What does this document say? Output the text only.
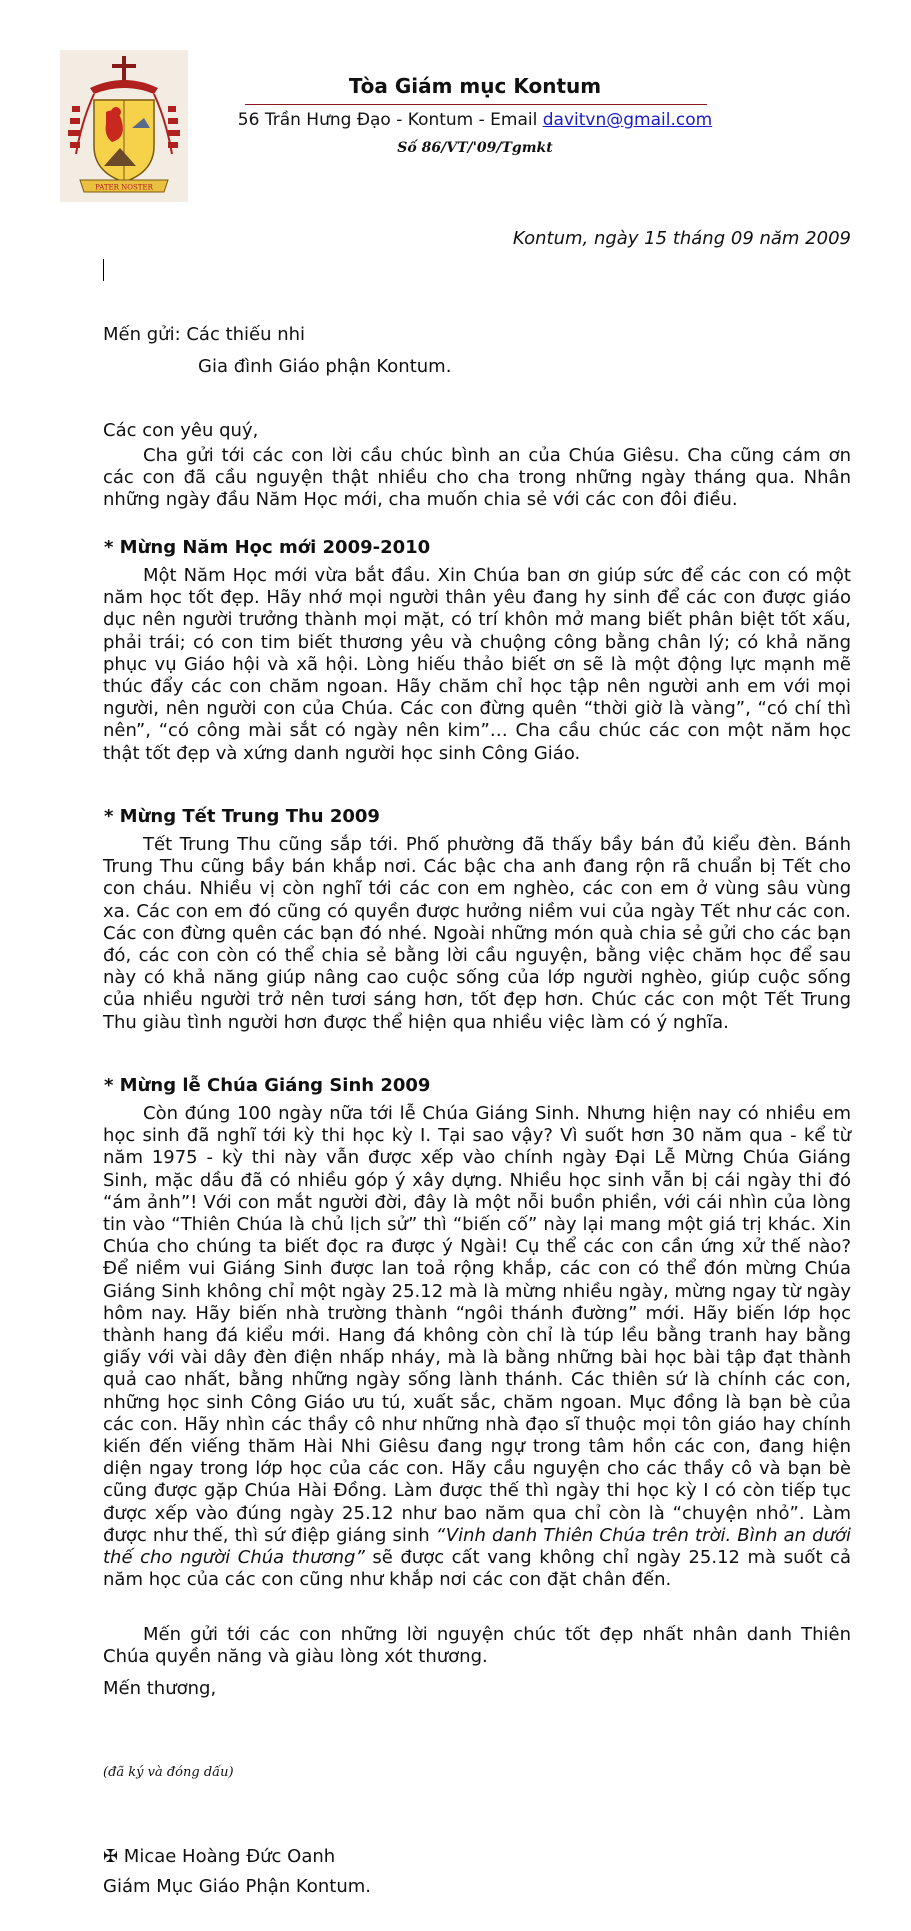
PATER NOSTER
Tòa Giám mục Kontum
56 Trần Hưng Đạo - Kontum - Email davitvn@gmail.com
Số 86/VT/'09/Tgmkt
Kontum, ngày 15 tháng 09 năm 2009
Mến gửi: Các thiếu nhi
Gia đình Giáo phận Kontum.
Các con yêu quý,
Cha gửi tới các con lời cầu chúc bình an của Chúa Giêsu. Cha cũng cám ơn các con đã cầu nguyện thật nhiều cho cha trong những ngày tháng qua. Nhân những ngày đầu Năm Học mới, cha muốn chia sẻ với các con đôi điều.
* Mừng Năm Học mới 2009-2010
Một Năm Học mới vừa bắt đầu. Xin Chúa ban ơn giúp sức để các con có một năm học tốt đẹp. Hãy nhớ mọi người thân yêu đang hy sinh để các con được giáo dục nên người trưởng thành mọi mặt, có trí khôn mở mang biết phân biệt tốt xấu, phải trái; có con tim biết thương yêu và chuộng công bằng chân lý; có khả năng phục vụ Giáo hội và xã hội. Lòng hiếu thảo biết ơn sẽ là một động lực mạnh mẽ thúc đẩy các con chăm ngoan. Hãy chăm chỉ học tập nên người anh em với mọi người, nên người con của Chúa. Các con đừng quên “thời giờ là vàng”, “có chí thì nên”, “có công mài sắt có ngày nên kim”… Cha cầu chúc các con một năm học thật tốt đẹp và xứng danh người học sinh Công Giáo.
* Mừng Tết Trung Thu 2009
Tết Trung Thu cũng sắp tới. Phố phường đã thấy bầy bán đủ kiểu đèn. Bánh Trung Thu cũng bầy bán khắp nơi. Các bậc cha anh đang rộn rã chuẩn bị Tết cho con cháu. Nhiều vị còn nghĩ tới các con em nghèo, các con em ở vùng sâu vùng xa. Các con em đó cũng có quyền được hưởng niềm vui của ngày Tết như các con. Các con đừng quên các bạn đó nhé. Ngoài những món quà chia sẻ gửi cho các bạn đó, các con còn có thể chia sẻ bằng lời cầu nguyện, bằng việc chăm học để sau này có khả năng giúp nâng cao cuộc sống của lớp người nghèo, giúp cuộc sống của nhiều người trở nên tươi sáng hơn, tốt đẹp hơn. Chúc các con một Tết Trung Thu giàu tình người hơn được thể hiện qua nhiều việc làm có ý nghĩa.
* Mừng lễ Chúa Giáng Sinh 2009
Còn đúng 100 ngày nữa tới lễ Chúa Giáng Sinh. Nhưng hiện nay có nhiều em học sinh đã nghĩ tới kỳ thi học kỳ I. Tại sao vậy? Vì suốt hơn 30 năm qua - kể từ năm 1975 - kỳ thi này vẫn được xếp vào chính ngày Đại Lễ Mừng Chúa Giáng Sinh, mặc dầu đã có nhiều góp ý xây dựng. Nhiều học sinh vẫn bị cái ngày thi đó “ám ảnh”! Với con mắt người đời, đây là một nỗi buồn phiền, với cái nhìn của lòng tin vào “Thiên Chúa là chủ lịch sử” thì “biến cố” này lại mang một giá trị khác. Xin Chúa cho chúng ta biết đọc ra được ý Ngài! Cụ thể các con cần ứng xử thế nào? Để niềm vui Giáng Sinh được lan toả rộng khắp, các con có thể đón mừng Chúa Giáng Sinh không chỉ một ngày 25.12 mà là mừng nhiều ngày, mừng ngay từ ngày hôm nay. Hãy biến nhà trường thành “ngôi thánh đường” mới. Hãy biến lớp học thành hang đá kiểu mới. Hang đá không còn chỉ là túp lều bằng tranh hay bằng giấy với vài dây đèn điện nhấp nháy, mà là bằng những bài học bài tập đạt thành quả cao nhất, bằng những ngày sống lành thánh. Các thiên sứ là chính các con, những học sinh Công Giáo ưu tú, xuất sắc, chăm ngoan. Mục đồng là bạn bè của các con. Hãy nhìn các thầy cô như những nhà đạo sĩ thuộc mọi tôn giáo hay chính kiến đến viếng thăm Hài Nhi Giêsu đang ngự trong tâm hồn các con, đang hiện diện ngay trong lớp học của các con. Hãy cầu nguyện cho các thầy cô và bạn bè cũng được gặp Chúa Hài Đồng. Làm được thế thì ngày thi học kỳ I có còn tiếp tục được xếp vào đúng ngày 25.12 như bao năm qua chỉ còn là “chuyện nhỏ”. Làm được như thế, thì sứ điệp giáng sinh “Vinh danh Thiên Chúa trên trời. Bình an dưới thế cho người Chúa thương” sẽ được cất vang không chỉ ngày 25.12 mà suốt cả năm học của các con cũng như khắp nơi các con đặt chân đến.
Mến gửi tới các con những lời nguyện chúc tốt đẹp nhất nhân danh Thiên Chúa quyền năng và giàu lòng xót thương.
Mến thương,
(đã ký và đóng dấu)
✠ Micae Hoàng Đức Oanh
Giám Mục Giáo Phận Kontum.
